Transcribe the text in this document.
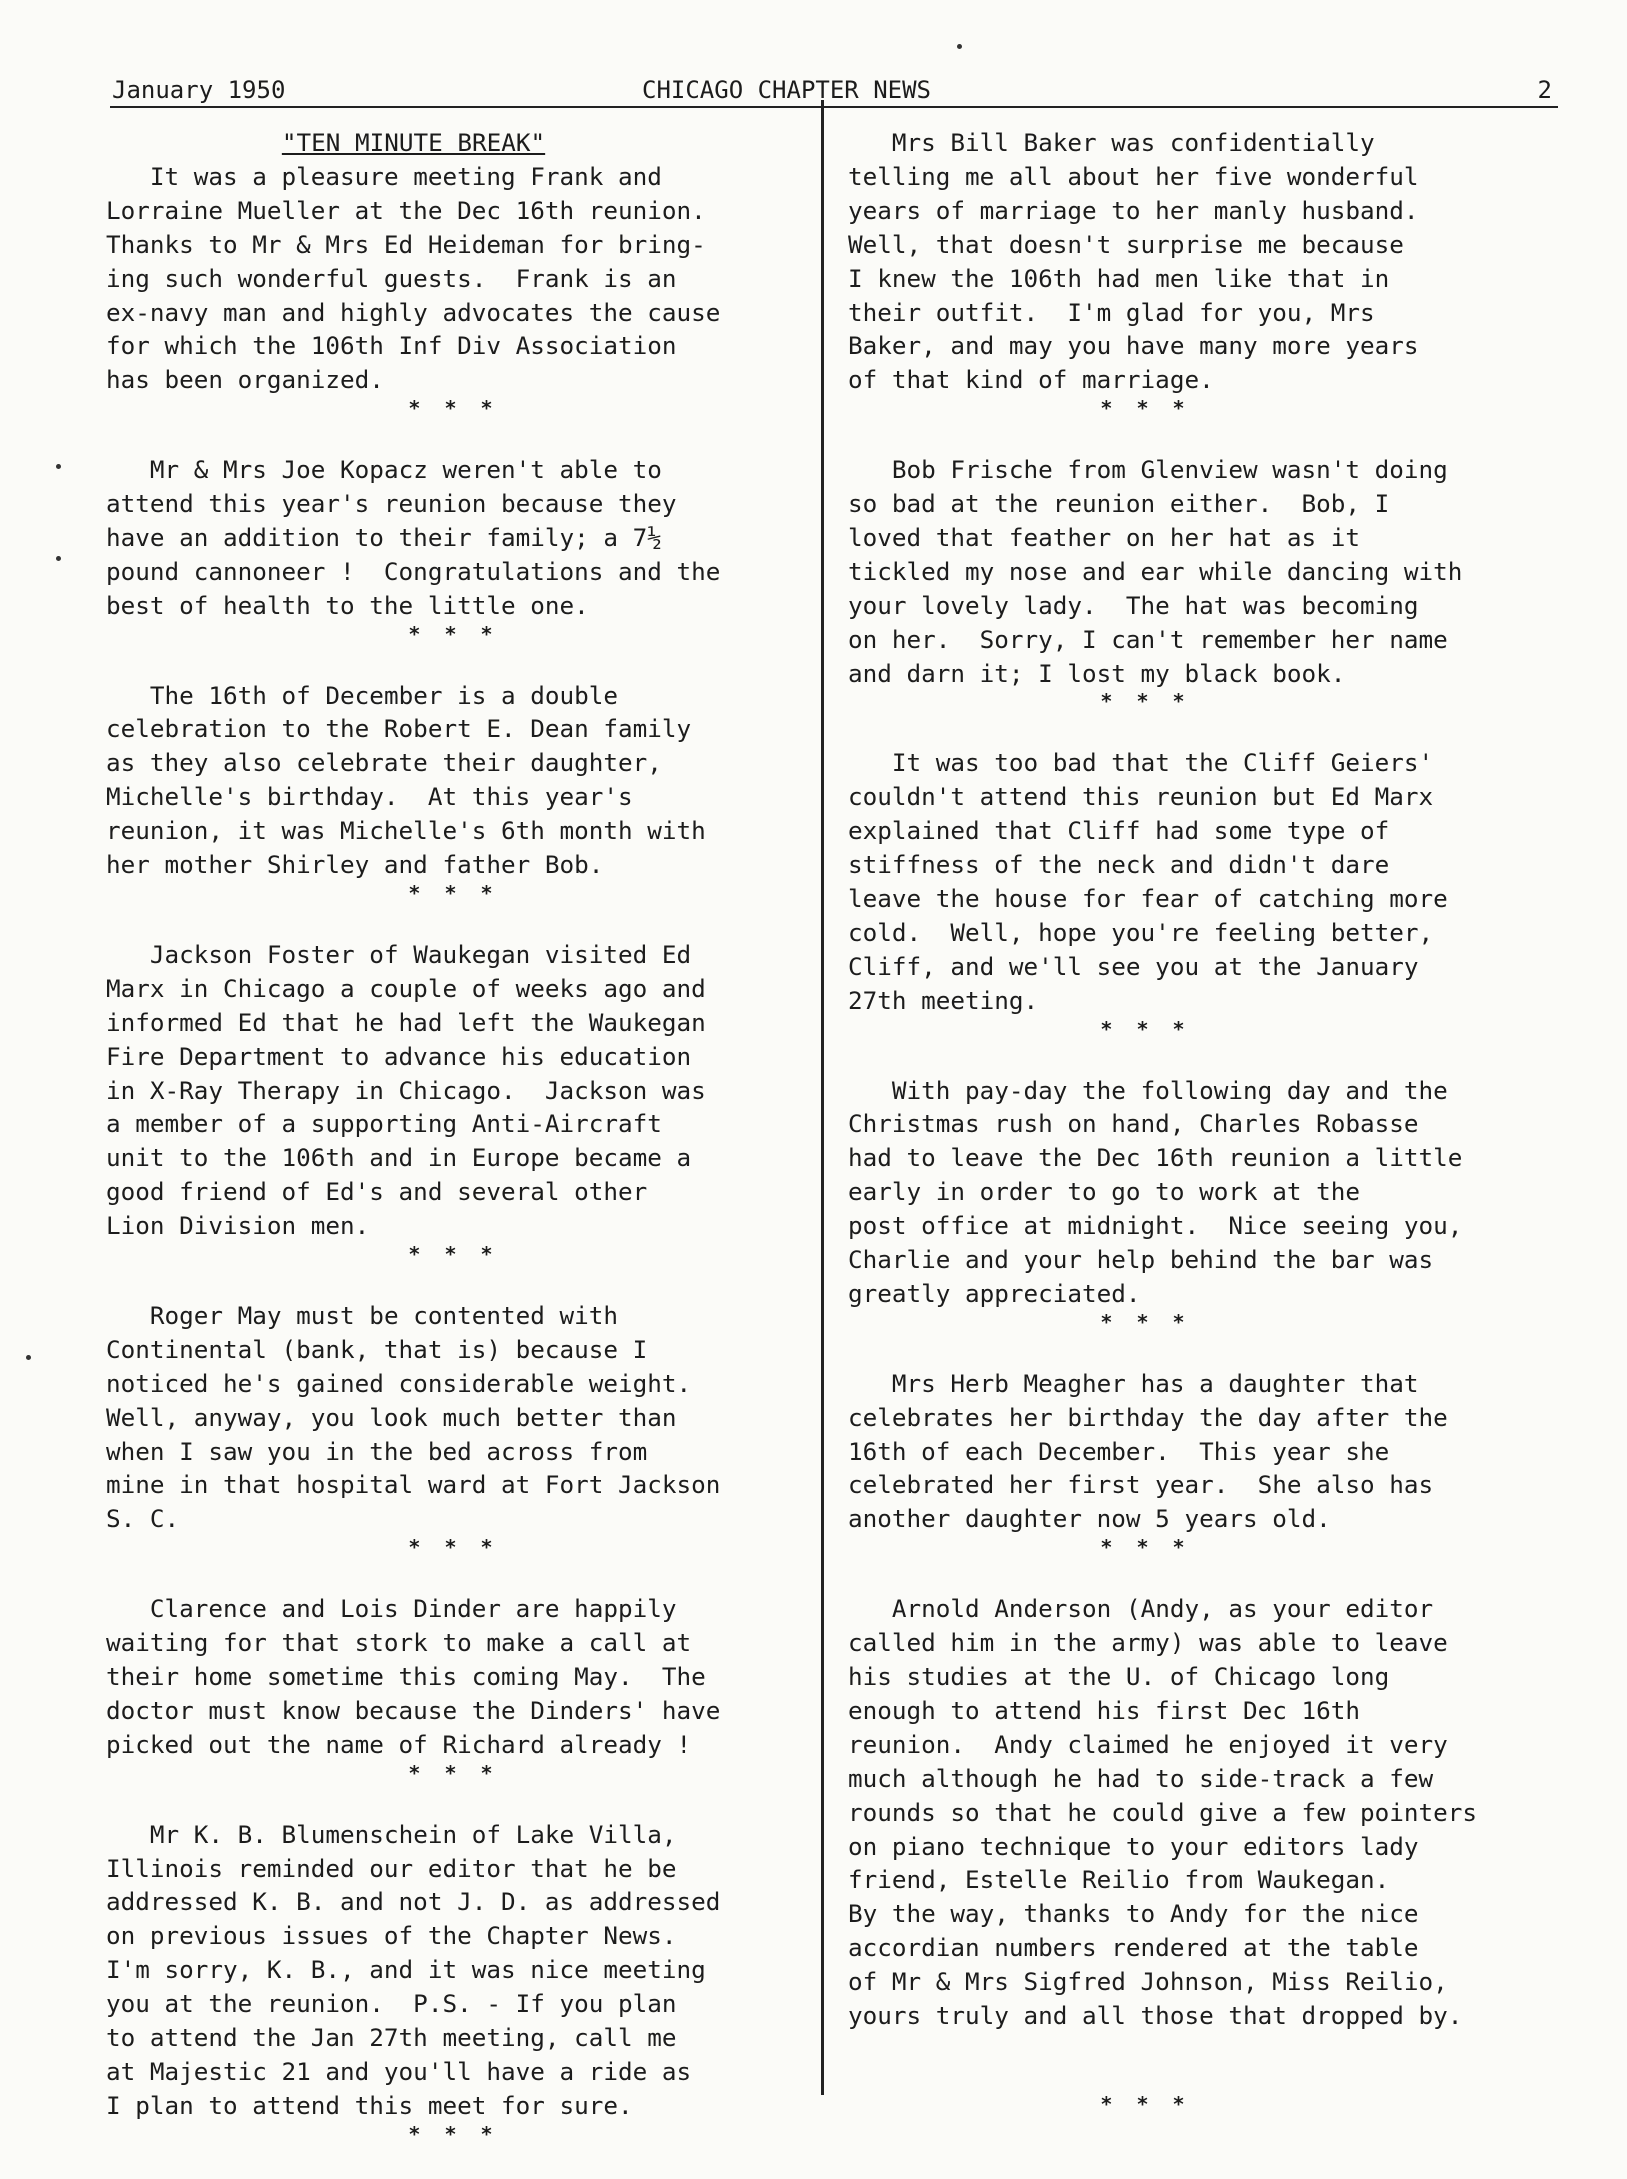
January 1950	CHICAGO CHAPTER NEWS	2
"TEN MINUTE BREAK"

It was a pleasure meeting Frank and
Lorraine Mueller at the Dec 16th reunion.
Thanks to Mr & Mrs Ed Heideman for bring-
ing such wonderful guests.  Frank is an
ex-navy man and highly advocates the cause
for which the 106th Inf Div Association
has been organized.

* * *

Mr & Mrs Joe Kopacz weren't able to
attend this year's reunion because they
have an addition to their family; a 7½
pound cannoneer !  Congratulations and the
best of health to the little one.

* * *

The 16th of December is a double
celebration to the Robert E. Dean family
as they also celebrate their daughter,
Michelle's birthday.  At this year's
reunion, it was Michelle's 6th month with
her mother Shirley and father Bob.

* * *

Jackson Foster of Waukegan visited Ed
Marx in Chicago a couple of weeks ago and
informed Ed that he had left the Waukegan
Fire Department to advance his education
in X-Ray Therapy in Chicago.  Jackson was
a member of a supporting Anti-Aircraft
unit to the 106th and in Europe became a
good friend of Ed's and several other
Lion Division men.

* * *

Roger May must be contented with
Continental (bank, that is) because I
noticed he's gained considerable weight.
Well, anyway, you look much better than
when I saw you in the bed across from
mine in that hospital ward at Fort Jackson
S. C.

* * *

Clarence and Lois Dinder are happily
waiting for that stork to make a call at
their home sometime this coming May.  The
doctor must know because the Dinders' have
picked out the name of Richard already !

* * *

Mr K. B. Blumenschein of Lake Villa,
Illinois reminded our editor that he be
addressed K. B. and not J. D. as addressed
on previous issues of the Chapter News.
I'm sorry, K. B., and it was nice meeting
you at the reunion.  P.S. - If you plan
to attend the Jan 27th meeting, call me
at Majestic 21 and you'll have a ride as
I plan to attend this meet for sure.

* * *

Mrs Bill Baker was confidentially
telling me all about her five wonderful
years of marriage to her manly husband.
Well, that doesn't surprise me because
I knew the 106th had men like that in
their outfit.  I'm glad for you, Mrs
Baker, and may you have many more years
of that kind of marriage.

* * *

Bob Frische from Glenview wasn't doing
so bad at the reunion either.  Bob, I
loved that feather on her hat as it
tickled my nose and ear while dancing with
your lovely lady.  The hat was becoming
on her.  Sorry, I can't remember her name
and darn it; I lost my black book.

* * *

It was too bad that the Cliff Geiers'
couldn't attend this reunion but Ed Marx
explained that Cliff had some type of
stiffness of the neck and didn't dare
leave the house for fear of catching more
cold.  Well, hope you're feeling better,
Cliff, and we'll see you at the January
27th meeting.

* * *

With pay-day the following day and the
Christmas rush on hand, Charles Robasse
had to leave the Dec 16th reunion a little
early in order to go to work at the
post office at midnight.  Nice seeing you,
Charlie and your help behind the bar was
greatly appreciated.

* * *

Mrs Herb Meagher has a daughter that
celebrates her birthday the day after the
16th of each December.  This year she
celebrated her first year.  She also has
another daughter now 5 years old.

* * *

Arnold Anderson (Andy, as your editor
called him in the army) was able to leave
his studies at the U. of Chicago long
enough to attend his first Dec 16th
reunion.  Andy claimed he enjoyed it very
much although he had to side-track a few
rounds so that he could give a few pointers
on piano technique to your editors lady
friend, Estelle Reilio from Waukegan.
By the way, thanks to Andy for the nice
accordian numbers rendered at the table
of Mr & Mrs Sigfred Johnson, Miss Reilio,
yours truly and all those that dropped by.

* * *
